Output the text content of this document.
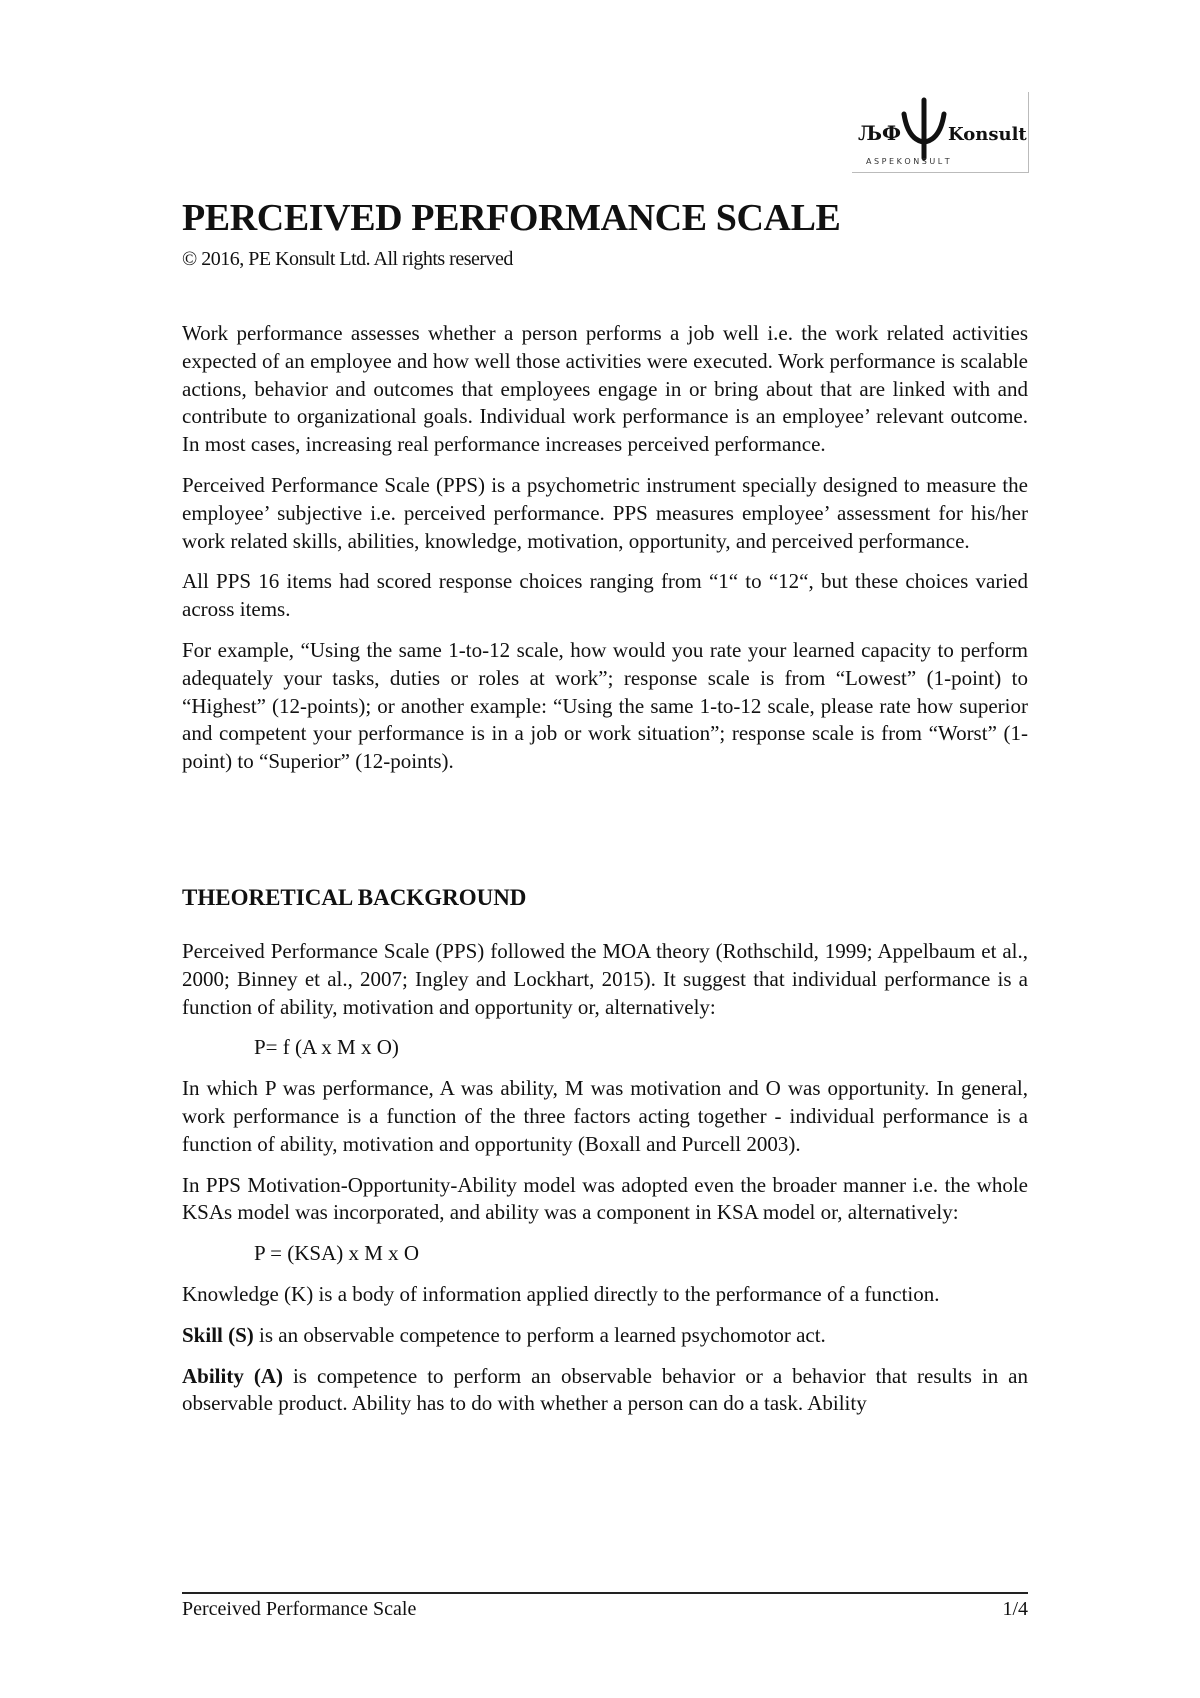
ЉФ	Konsult
A S P E K O N S U L T
PERCEIVED PERFORMANCE SCALE

© 2016, PE Konsult Ltd. All rights reserved

Work performance assesses whether a person performs a job well i.e. the work related activities expected of an employee and how well those activities were executed. Work performance is scalable actions, behavior and outcomes that employees engage in or bring about that are linked with and contribute to organizational goals. Individual work performance is an employee’ relevant outcome. In most cases, increasing real performance increases perceived performance.

Perceived Performance Scale (PPS) is a psychometric instrument specially designed to measure the employee’ subjective i.e. perceived performance. PPS measures employee’ assessment for his/her work related skills, abilities, knowledge, motivation, opportunity, and perceived performance.

All PPS 16 items had scored response choices ranging from “1“ to “12“, but these choices varied across items.

For example, “Using the same 1-to-12 scale, how would you rate your learned capacity to perform adequately your tasks, duties or roles at work”; response scale is from “Lowest” (1-point) to “Highest” (12-points); or another example: “Using the same 1-to-12 scale, please rate how superior and competent your performance is in a job or work situation”; response scale is from “Worst” (1-point) to “Superior” (12-points).

THEORETICAL BACKGROUND

Perceived Performance Scale (PPS) followed the MOA theory (Rothschild, 1999; Appelbaum et al., 2000; Binney et al., 2007; Ingley and Lockhart, 2015). It suggest that individual performance is a function of ability, motivation and opportunity or, alternatively:

P= f (A x M x O)

In which P was performance, A was ability, M was motivation and O was opportunity. In general, work performance is a function of the three factors acting together - individual performance is a function of ability, motivation and opportunity (Boxall and Purcell 2003).

In PPS Motivation-Opportunity-Ability model was adopted even the broader manner i.e. the whole KSAs model was incorporated, and ability was a component in KSA model or, alternatively:

P = (KSA) x M x O

Knowledge (K) is a body of information applied directly to the performance of a function.

Skill (S) is an observable competence to perform a learned psychomotor act.

Ability (A) is competence to perform an observable behavior or a behavior that results in an observable product. Ability has to do with whether a person can do a task. Ability

Perceived Performance Scale	1/4
